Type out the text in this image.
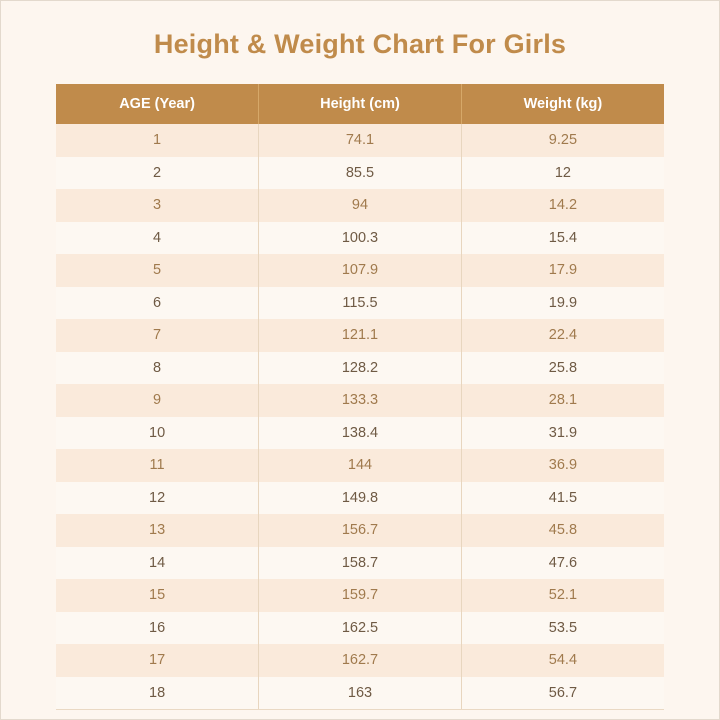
Height & Weight Chart For Girls
AGE (Year)	Height (cm)	Weight (kg)
1	74.1	9.25
2	85.5	12
3	94	14.2
4	100.3	15.4
5	107.9	17.9
6	115.5	19.9
7	121.1	22.4
8	128.2	25.8
9	133.3	28.1
10	138.4	31.9
11	144	36.9
12	149.8	41.5
13	156.7	45.8
14	158.7	47.6
15	159.7	52.1
16	162.5	53.5
17	162.7	54.4
18	163	56.7
